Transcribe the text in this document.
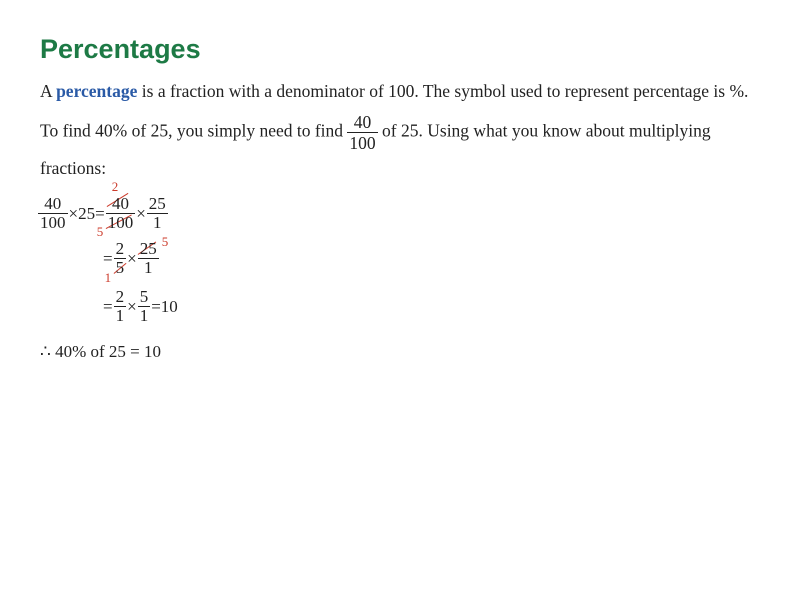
Percentages
A percentage is a fraction with a denominator of 100. The symbol used to represent percentage is %.
To find 40% of 25, you simply need to find $\frac{40}{100}$ of 25. Using what you know about multiplying
fractions:
$\frac{40}{100} \times 25=$
2
$5 \frac{40}{100} \times \frac{25}{1}$
=
1
$\frac{2}{5}$ ×
5
$\frac{25}{1}$
= $\frac{2}{1} \times \frac{5}{1} =10$
∴ 40% of 25 = 10
